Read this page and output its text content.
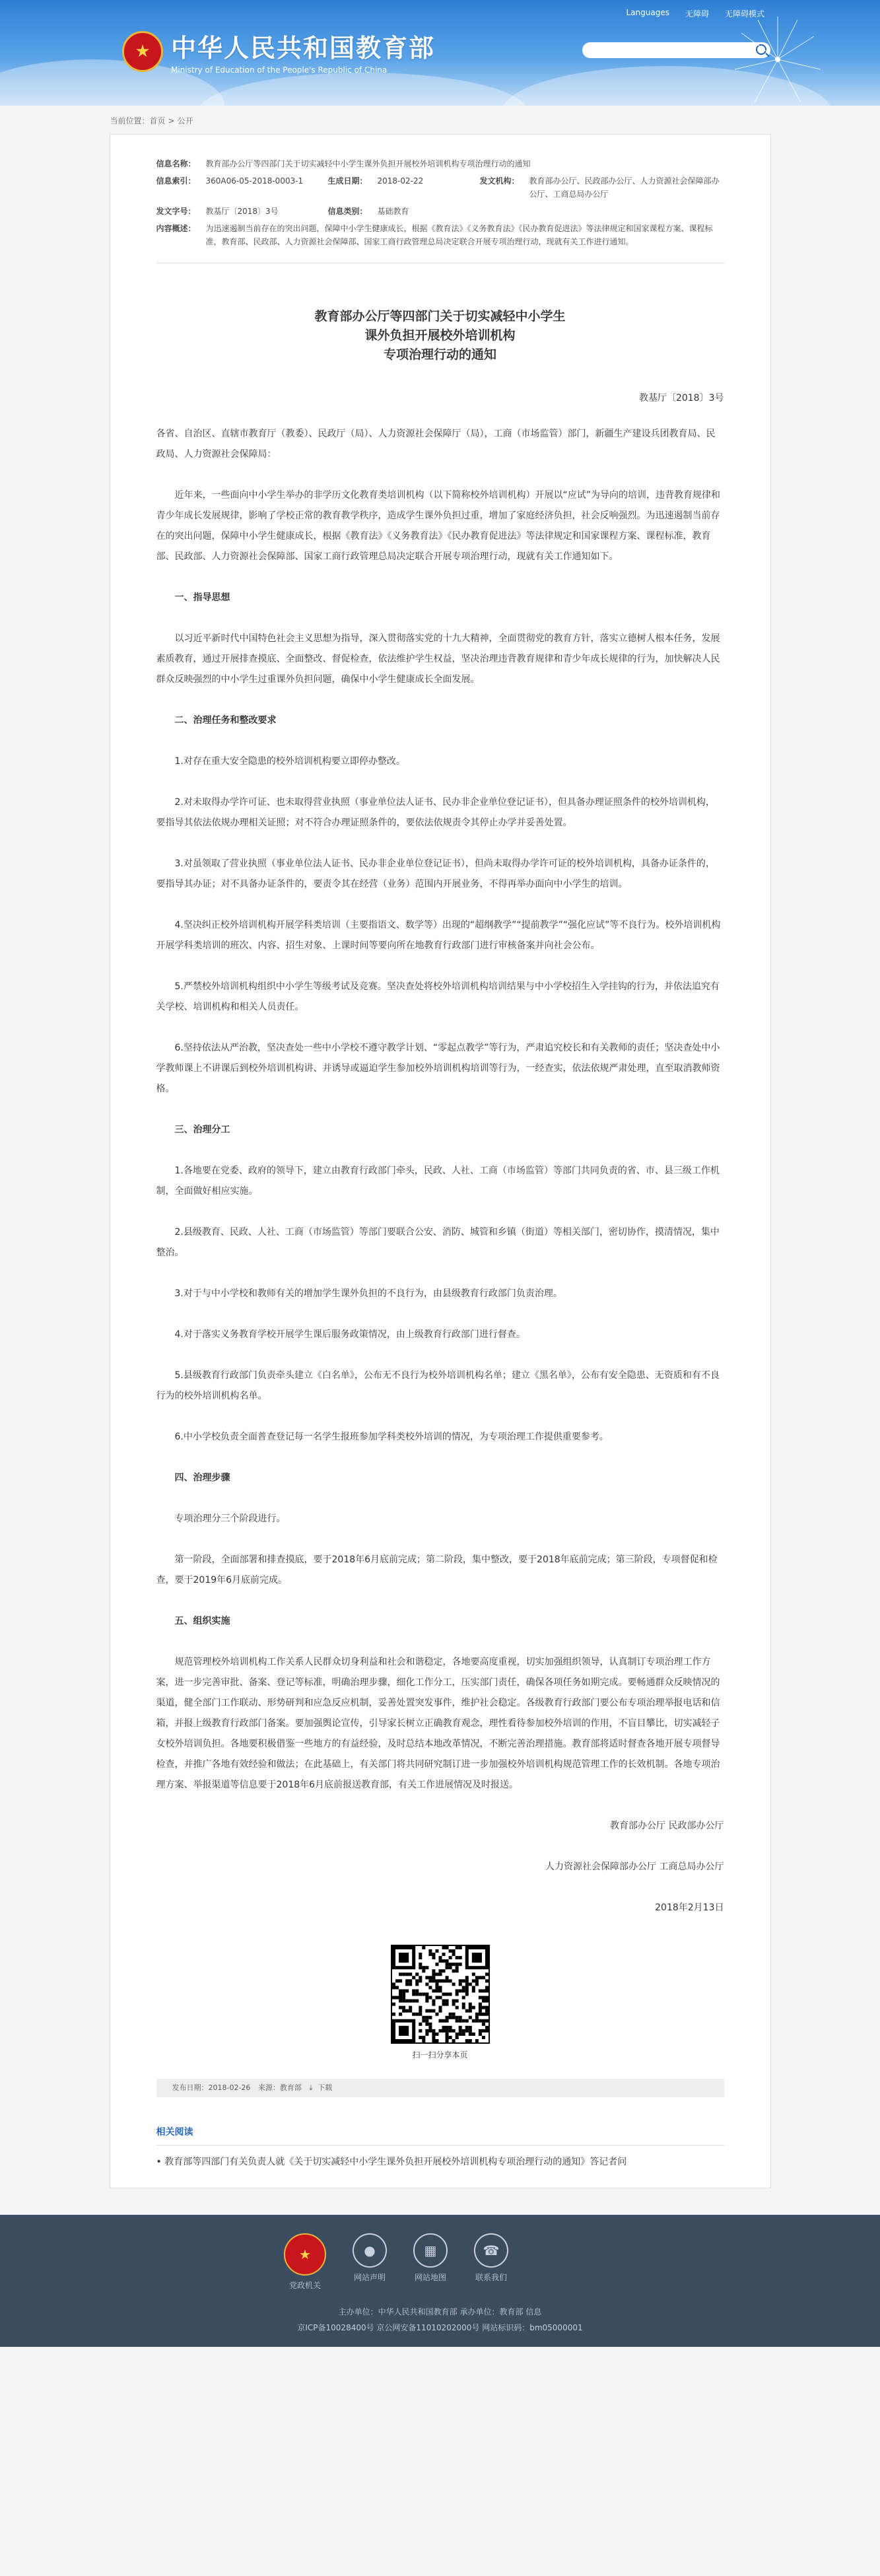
★ 中华人民共和国教育部
Ministry of Education of the People's Republic of China
Languages 无障碍 无障碍模式
当前位置：首页 > 公开
信息名称：	教育部办公厅等四部门关于切实减轻中小学生课外负担开展校外培训机构专项治理行动的通知
信息索引：	360A06-05-2018-0003-1	生成日期：	2018-02-22	发文机构：	教育部办公厅、民政部办公厅、人力资源社会保障部办公厅、工商总局办公厅
发文字号：	教基厅〔2018〕3号	信息类别：	基础教育
内容概述：	为迅速遏制当前存在的突出问题，保障中小学生健康成长，根据《教育法》《义务教育法》《民办教育促进法》等法律规定和国家课程方案、课程标准，教育部、民政部、人力资源社会保障部、国家工商行政管理总局决定联合开展专项治理行动，现就有关工作进行通知。
教育部办公厅等四部门关于切实减轻中小学生
课外负担开展校外培训机构
专项治理行动的通知
教基厅〔2018〕3号

各省、自治区、直辖市教育厅（教委）、民政厅（局）、人力资源社会保障厅（局），工商（市场监管）部门，新疆生产建设兵团教育局、民政局、人力资源社会保障局：

近年来，一些面向中小学生举办的非学历文化教育类培训机构（以下简称校外培训机构）开展以“应试”为导向的培训，违背教育规律和青少年成长发展规律，影响了学校正常的教育教学秩序，造成学生课外负担过重，增加了家庭经济负担，社会反响强烈。为迅速遏制当前存在的突出问题，保障中小学生健康成长，根据《教育法》《义务教育法》《民办教育促进法》等法律规定和国家课程方案、课程标准，教育部、民政部、人力资源社会保障部、国家工商行政管理总局决定联合开展专项治理行动，现就有关工作通知如下。

一、指导思想

以习近平新时代中国特色社会主义思想为指导，深入贯彻落实党的十九大精神，全面贯彻党的教育方针，落实立德树人根本任务，发展素质教育，通过开展排查摸底、全面整改、督促检查，依法维护学生权益，坚决治理违背教育规律和青少年成长规律的行为，加快解决人民群众反映强烈的中小学生过重课外负担问题，确保中小学生健康成长全面发展。

二、治理任务和整改要求

1.对存在重大安全隐患的校外培训机构要立即停办整改。

2.对未取得办学许可证、也未取得营业执照（事业单位法人证书、民办非企业单位登记证书），但具备办理证照条件的校外培训机构，要指导其依法依规办理相关证照；对不符合办理证照条件的，要依法依规责令其停止办学并妥善处置。

3.对虽领取了营业执照（事业单位法人证书、民办非企业单位登记证书），但尚未取得办学许可证的校外培训机构，具备办证条件的，要指导其办证；对不具备办证条件的，要责令其在经营（业务）范围内开展业务，不得再举办面向中小学生的培训。

4.坚决纠正校外培训机构开展学科类培训（主要指语文、数学等）出现的“超纲教学”“提前教学”“强化应试”等不良行为。校外培训机构开展学科类培训的班次、内容、招生对象、上课时间等要向所在地教育行政部门进行审核备案并向社会公布。

5.严禁校外培训机构组织中小学生等级考试及竞赛。坚决查处将校外培训机构培训结果与中小学校招生入学挂钩的行为，并依法追究有关学校、培训机构和相关人员责任。

6.坚持依法从严治教，坚决查处一些中小学校不遵守教学计划、“零起点教学”等行为，严肃追究校长和有关教师的责任；坚决查处中小学教师课上不讲课后到校外培训机构讲、并诱导或逼迫学生参加校外培训机构培训等行为，一经查实，依法依规严肃处理，直至取消教师资格。

三、治理分工

1.各地要在党委、政府的领导下，建立由教育行政部门牵头，民政、人社、工商（市场监管）等部门共同负责的省、市、县三级工作机制，全面做好相应实施。

2.县级教育、民政、人社、工商（市场监管）等部门要联合公安、消防、城管和乡镇（街道）等相关部门，密切协作，摸清情况，集中整治。

3.对于与中小学校和教师有关的增加学生课外负担的不良行为，由县级教育行政部门负责治理。

4.对于落实义务教育学校开展学生课后服务政策情况，由上级教育行政部门进行督查。

5.县级教育行政部门负责牵头建立《白名单》，公布无不良行为校外培训机构名单；建立《黑名单》，公布有安全隐患、无资质和有不良行为的校外培训机构名单。

6.中小学校负责全面普查登记每一名学生报班参加学科类校外培训的情况，为专项治理工作提供重要参考。

四、治理步骤

专项治理分三个阶段进行。

第一阶段，全面部署和排查摸底，要于2018年6月底前完成；第二阶段，集中整改，要于2018年底前完成；第三阶段，专项督促和检查，要于2019年6月底前完成。

五、组织实施

规范管理校外培训机构工作关系人民群众切身利益和社会和谐稳定，各地要高度重视，切实加强组织领导，认真制订专项治理工作方案，进一步完善审批、备案、登记等标准，明确治理步骤，细化工作分工，压实部门责任，确保各项任务如期完成。要畅通群众反映情况的渠道，健全部门工作联动、形势研判和应急反应机制，妥善处置突发事件，维护社会稳定。各级教育行政部门要公布专项治理举报电话和信箱，并报上级教育行政部门备案。要加强舆论宣传，引导家长树立正确教育观念，理性看待参加校外培训的作用，不盲目攀比，切实减轻子女校外培训负担。各地要积极借鉴一些地方的有益经验，及时总结本地改革情况，不断完善治理措施。教育部将适时督查各地开展专项督导检查，并推广各地有效经验和做法；在此基础上，有关部门将共同研究制订进一步加强校外培训机构规范管理工作的长效机制。各地专项治理方案、举报渠道等信息要于2018年6月底前报送教育部，有关工作进展情况及时报送。

教育部办公厅 民政部办公厅

人力资源社会保障部办公厅 工商总局办公厅

2018年2月13日

扫一扫分享本页
发布日期：2018-02-26 来源：教育部 ⤓ 下载
相关阅读
• 教育部等四部门有关负责人就《关于切实减轻中小学生课外负担开展校外培训机构专项治理行动的通知》答记者问
★
党政机关
●
网站声明
▦
网站地图
☎
联系我们
主办单位：中华人民共和国教育部 承办单位：教育部 信息
京ICP备10028400号 京公网安备11010202000号 网站标识码：bm05000001
